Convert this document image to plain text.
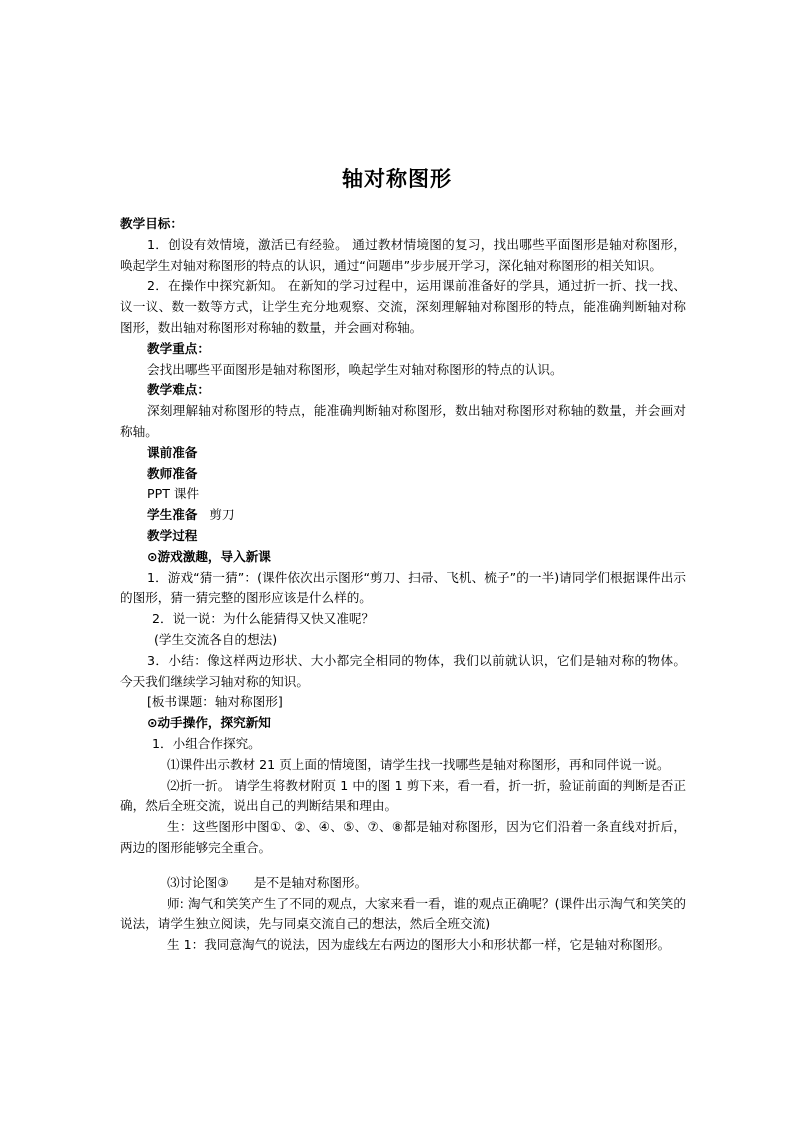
轴对称图形

教学目标：

1．创设有效情境，激活已有经验。 通过教材情境图的复习，找出哪些平面图形是轴对称图形，唤起学生对轴对称图形的特点的认识，通过“问题串”步步展开学习，深化轴对称图形的相关知识。

2．在操作中探究新知。 在新知的学习过程中，运用课前准备好的学具，通过折一折、找一找、议一议、数一数等方式，让学生充分地观察、交流，深刻理解轴对称图形的特点，能准确判断轴对称图形，数出轴对称图形对称轴的数量，并会画对称轴。

教学重点：

会找出哪些平面图形是轴对称图形，唤起学生对轴对称图形的特点的认识。

教学难点：

深刻理解轴对称图形的特点，能准确判断轴对称图形，数出轴对称图形对称轴的数量，并会画对称轴。

课前准备

教师准备

PPT 课件

学生准备 剪刀

教学过程

⊙游戏激趣，导入新课

1．游戏“猜一猜”：(课件依次出示图形“剪刀、扫帚、飞机、梳子”的一半)请同学们根据课件出示的图形，猜一猜完整的图形应该是什么样的。

2．说一说：为什么能猜得又快又准呢？

(学生交流各自的想法)

3．小结：像这样两边形状、大小都完全相同的物体，我们以前就认识，它们是轴对称的物体。 今天我们继续学习轴对称的知识。

[板书课题：轴对称图形]

⊙动手操作，探究新知

1．小组合作探究。

⑴课件出示教材 21 页上面的情境图，请学生找一找哪些是轴对称图形，再和同伴说一说。

⑵折一折。 请学生将教材附页 1 中的图 1 剪下来，看一看，折一折，验证前面的判断是否正确，然后全班交流，说出自己的判断结果和理由。

生：这些图形中图①、②、④、⑤、⑦、⑧都是轴对称图形，因为它们沿着一条直线对折后，两边的图形能够完全重合。

⑶讨论图③　　是不是轴对称图形。

师: 淘气和笑笑产生了不同的观点，大家来看一看，谁的观点正确呢？(课件出示淘气和笑笑的说法，请学生独立阅读，先与同桌交流自己的想法，然后全班交流)

生 1：我同意淘气的说法，因为虚线左右两边的图形大小和形状都一样，它是轴对称图形。
